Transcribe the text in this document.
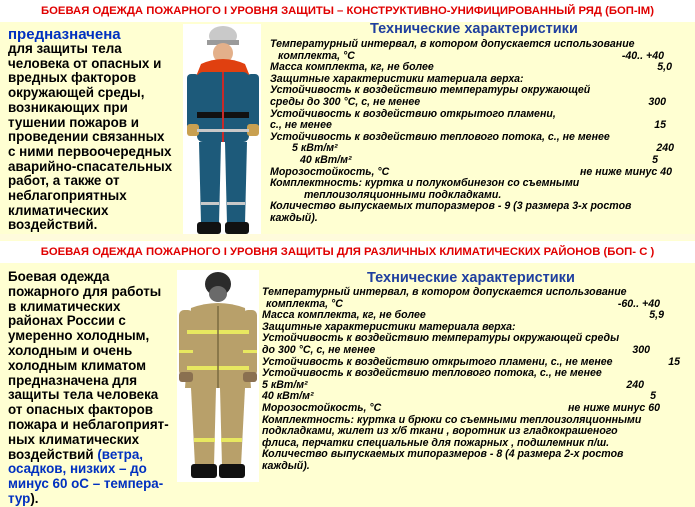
БОЕВАЯ ОДЕЖДА ПОЖАРНОГО I УРОВНЯ ЗАЩИТЫ – КОНСТРУКТИВНО-УНИФИЦИРОВАННЫЙ РЯД (БОП-IM)
предназначена
для защиты тела
человека от опасных и
вредных факторов
окружающей среды,
возникающих при
тушении пожаров и
проведении связанных
с ними первоочередных
аварийно-спасательных
работ, а также от
неблагоприятных
климатических
воздействий.
Технические характеристики
Температурный интервал, в котором допускается использование
комплекта, °С	-40.. +40
Масса комплекта, кг, не более	5,0
Защитные характеристики материала верха:
Устойчивость к воздействию температуры окружающей
среды до 300 °С, с, не менее	300
Устойчивость к воздействию открытого пламени,
с., не менее	15
Устойчивость к воздействию теплового потока, с., не менее
5 кВт/м²	240
40 кВт/м²	5
Морозостойкость, °С	не ниже минус 40
Комплектность: куртка и полукомбинезон со съемными
теплоизоляционными подкладками.
Количество выпускаемых типоразмеров - 9 (3 размера 3-х ростов
каждый).
БОЕВАЯ ОДЕЖДА ПОЖАРНОГО I УРОВНЯ ЗАЩИТЫ ДЛЯ РАЗЛИЧНЫХ КЛИМАТИЧЕСКИХ РАЙОНОВ (БОП- С )
Боевая одежда
пожарного для работы
в климатических
районах России с
умеренно холодным,
холодным и очень
холодным климатом
предназначена для
защиты тела человека
от опасных факторов
пожара и неблагоприят-
ных климатических
воздействий (ветра,
осадков, низких – до
минус 60 оС – темпера-
тур).
Технические характеристики
Температурный интервал, в котором допускается использование
комплекта, °С	-60.. +40
Масса комплекта, кг, не более	5,9
Защитные характеристики материала верха:
Устойчивость к воздействию температуры окружающей среды
до 300 °С, с, не менее	300
Устойчивость к воздействию открытого пламени, с., не менее	15
Устойчивость к воздействию теплового потока, с., не менее
5 кВт/м²	240
40 кВт/м²	5
Морозостойкость, °С	не ниже минус 60
Комплектность: куртка и брюки со съемными теплоизоляционными
подкладками, жилет из х/б ткани , воротник из гладкокрашеного
флиса, перчатки специальные для пожарных , подшлемник п/ш.
Количество выпускаемых типоразмеров - 8 (4 размера 2-х ростов
каждый).
